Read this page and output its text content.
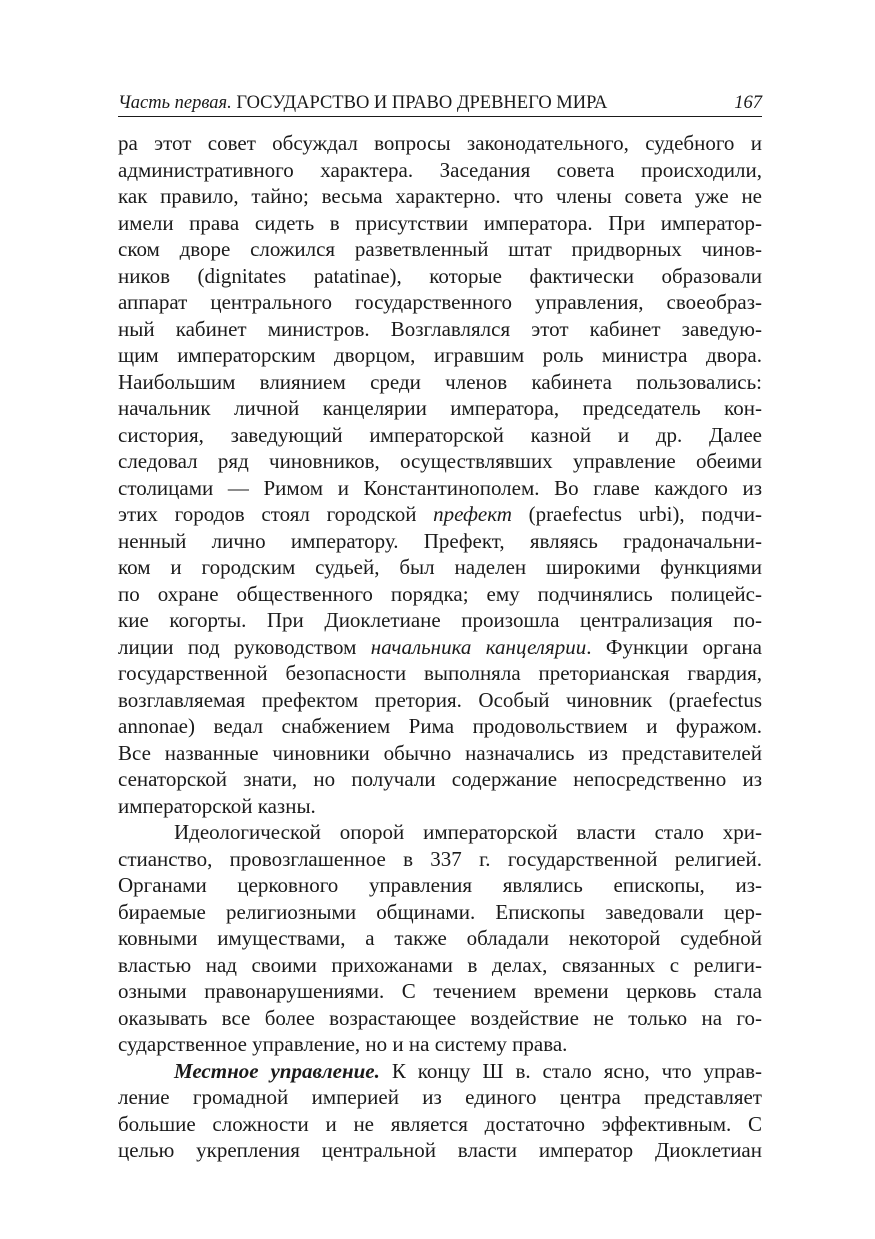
Часть первая. ГОСУДАРСТВО И ПРАВО ДРЕВНЕГО МИРА	167
ра этот совет обсуждал вопросы законодательного, судебного и
административного характера. Заседания совета происходили,
как правило, тайно; весьма характерно. что члены совета уже не
имели права сидеть в присутствии императора. При император-
ском дворе сложился разветвленный штат придворных чинов-
ников (dignitates patatinae), которые фактически образовали
аппарат центрального государственного управления, своеобраз-
ный кабинет министров. Возглавлялся этот кабинет заведую-
щим императорским дворцом, игравшим роль министра двора.
Наибольшим влиянием среди членов кабинета пользовались:
начальник личной канцелярии императора, председатель кон-
систория, заведующий императорской казной и др. Далее
следовал ряд чиновников, осуществлявших управление обеими
столицами — Римом и Константинополем. Во главе каждого из
этих городов стоял городской префект (praefectus urbi), подчи-
ненный лично императору. Префект, являясь градоначальни-
ком и городским судьей, был наделен широкими функциями
по охране общественного порядка; ему подчинялись полицейс-
кие когорты. При Диоклетиане произошла централизация по-
лиции под руководством начальника канцелярии. Функции органа
государственной безопасности выполняла преторианская гвардия,
возглавляемая префектом претория. Особый чиновник (praefectus
annonae) ведал снабжением Рима продовольствием и фуражом.
Все названные чиновники обычно назначались из представителей
сенаторской знати, но получали содержание непосредственно из
императорской казны.
Идеологической опорой императорской власти стало хри-
стианство, провозглашенное в 337 г. государственной религией.
Органами церковного управления являлись епископы, из-
бираемые религиозными общинами. Епископы заведовали цер-
ковными имуществами, а также обладали некоторой судебной
властью над своими прихожанами в делах, связанных с религи-
озными правонарушениями. С течением времени церковь стала
оказывать все более возрастающее воздействие не только на го-
сударственное управление, но и на систему права.
Местное управление. К концу Ш в. стало ясно, что управ-
ление громадной империей из единого центра представляет
большие сложности и не является достаточно эффективным. С
целью укрепления центральной власти император Диоклетиан
